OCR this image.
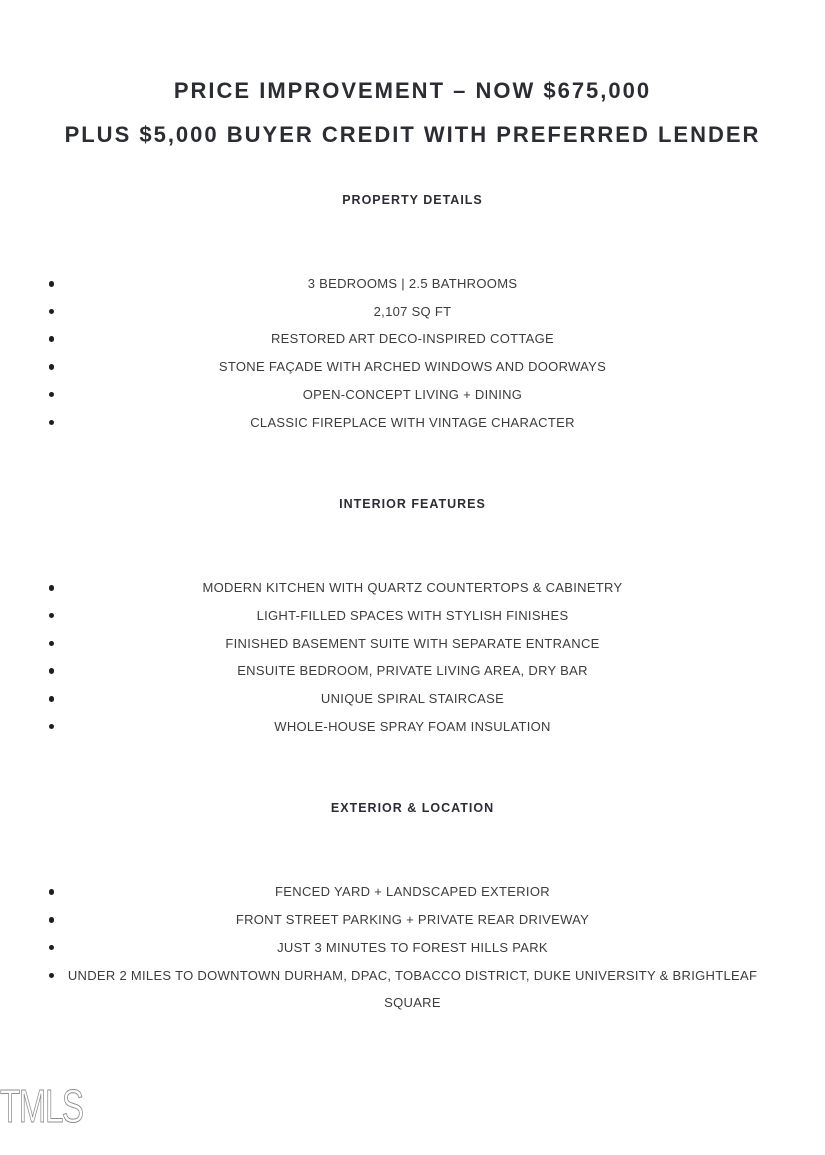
PRICE IMPROVEMENT – NOW $675,000
PLUS $5,000 BUYER CREDIT WITH PREFERRED LENDER
PROPERTY DETAILS
3 BEDROOMS | 2.5 BATHROOMS
2,107 SQ FT
RESTORED ART DECO-INSPIRED COTTAGE
STONE FAÇADE WITH ARCHED WINDOWS AND DOORWAYS
OPEN-CONCEPT LIVING + DINING
CLASSIC FIREPLACE WITH VINTAGE CHARACTER
INTERIOR FEATURES
MODERN KITCHEN WITH QUARTZ COUNTERTOPS & CABINETRY
LIGHT-FILLED SPACES WITH STYLISH FINISHES
FINISHED BASEMENT SUITE WITH SEPARATE ENTRANCE
ENSUITE BEDROOM, PRIVATE LIVING AREA, DRY BAR
UNIQUE SPIRAL STAIRCASE
WHOLE-HOUSE SPRAY FOAM INSULATION
EXTERIOR & LOCATION
FENCED YARD + LANDSCAPED EXTERIOR
FRONT STREET PARKING + PRIVATE REAR DRIVEWAY
JUST 3 MINUTES TO FOREST HILLS PARK
UNDER 2 MILES TO DOWNTOWN DURHAM, DPAC, TOBACCO DISTRICT, DUKE UNIVERSITY & BRIGHTLEAF SQUARE
TMLS
